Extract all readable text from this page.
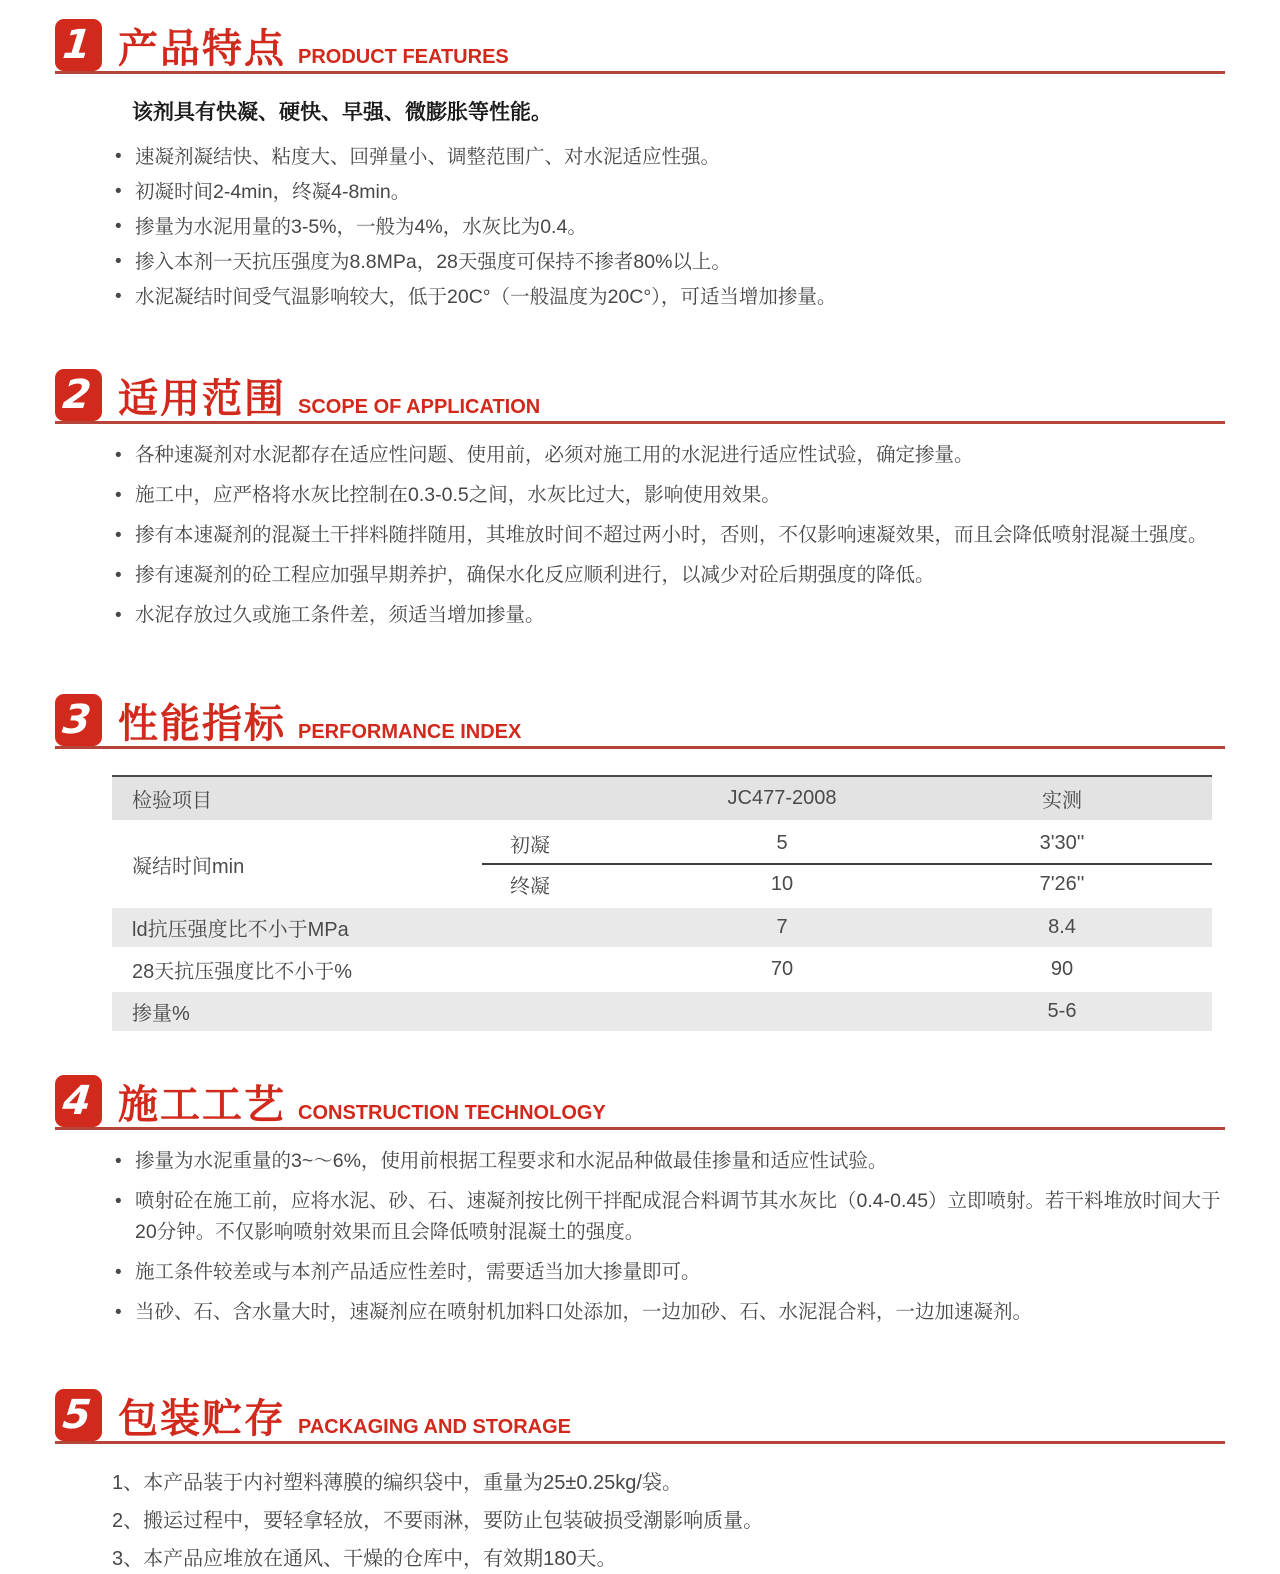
1 产品特点 PRODUCT FEATURES

该剂具有快凝、硬快、早强、微膨胀等性能。

• 速凝剂凝结快、粘度大、回弹量小、调整范围广、对水泥适应性强。
• 初凝时间2-4min，终凝4-8min。
• 掺量为水泥用量的3-5%，一般为4%，水灰比为0.4。
• 掺入本剂一天抗压强度为8.8MPa，28天强度可保持不掺者80%以上。
• 水泥凝结时间受气温影响较大，低于20C°（一般温度为20C°），可适当增加掺量。
2 适用范围 SCOPE OF APPLICATION
• 各种速凝剂对水泥都存在适应性问题、使用前，必须对施工用的水泥进行适应性试验，确定掺量。
• 施工中，应严格将水灰比控制在0.3-0.5之间，水灰比过大，影响使用效果。
• 掺有本速凝剂的混凝土干拌料随拌随用，其堆放时间不超过两小时，否则，不仅影响速凝效果，而且会降低喷射混凝土强度。
• 掺有速凝剂的砼工程应加强早期养护，确保水化反应顺利进行，以减少对砼后期强度的降低。
• 水泥存放过久或施工条件差，须适当增加掺量。
3 性能指标 PERFORMANCE INDEX
检验项目		JC477-2008	实测
凝结时间min	初凝	5	3'30''
	终凝	10	7'26''
ld抗压强度比不小于MPa		7	8.4
28天抗压强度比不小于%		70	90
掺量%			5-6
4 施工工艺 CONSTRUCTION TECHNOLOGY
• 掺量为水泥重量的3~～6%，使用前根据工程要求和水泥品种做最佳掺量和适应性试验。
• 喷射砼在施工前，应将水泥、砂、石、速凝剂按比例干拌配成混合料调节其水灰比（0.4-0.45）立即喷射。若干料堆放时间大于20分钟。不仅影响喷射效果而且会降低喷射混凝土的强度。
• 施工条件较差或与本剂产品适应性差时，需要适当加大掺量即可。
• 当砂、石、含水量大时，速凝剂应在喷射机加料口处添加，一边加砂、石、水泥混合料，一边加速凝剂。
5 包装贮存 PACKAGING AND STORAGE
1、本产品装于内衬塑料薄膜的编织袋中，重量为25±0.25kg/袋。
2、搬运过程中，要轻拿轻放，不要雨淋，要防止包装破损受潮影响质量。
3、本产品应堆放在通风、干燥的仓库中，有效期180天。
